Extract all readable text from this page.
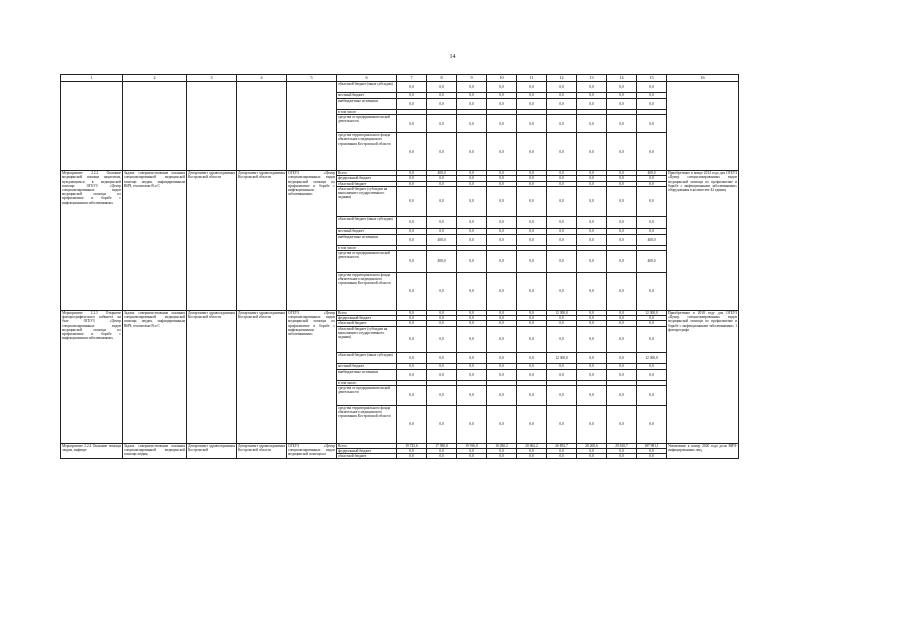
14
1	2	3	4	5	6	7	8	9	10	11	12	13	14	15	16
					областной бюджет (иные субсидии)	0,0	0,0	0,0	0,0	0,0	0,0	0,0	0,0	0,0	
					местный бюджет	0,0	0,0	0,0	0,0	0,0	0,0	0,0	0,0	0,0	
					внебюджетные источники	0,0	0,0	0,0	0,0	0,0	0,0	0,0	0,0	0,0	
					в том числе:										
					средства от предпринимательской деятельности	0,0	0,0	0,0	0,0	0,0	0,0	0,0	0,0	0,0	
					средства территориального фонда обязательного медицинского страхования Костромской области	0,0	0,0	0,0	0,0	0,0	0,0	0,0	0,0	0,0	
Мероприятие 2.2.2 Оказание медицинской помощи пациентам, нуждающимся в медицинской помощи ОГБУЗ «Центр специализированных видов медицинской помощи по профилактике и борьбе с инфекционными заболеваниями»	Задача: совершенствование оказания специализированной медицинской помощи людям, инфицированным ВИЧ, гепатитами В и С	Департамент здравоохранения Костромской области	Департамент здравоохранения Костромской области	ОГБУЗ «Центр специализированных видов медицинской помощи по профилактике и борьбе с инфекционными заболеваниями»	Всего	0,0	400,0	0,0	0,0	0,0	0,0	0,0	0,0	400,0	Приобретение в конце 2014 года для ОГБУЗ «Центр специализированных видов медицинской помощи по профилактике и борьбе с инфекционными заболеваниями» оборудования в количестве 42 единиц
					федеральный бюджет	0,0	0,0	0,0	0,0	0,0	0,0	0,0	0,0	0,0	
					областной бюджет	0,0	0,0	0,0	0,0	0,0	0,0	0,0	0,0	0,0	
					областной бюджет (субсидии на выполнение государственного задания)	0,0	0,0	0,0	0,0	0,0	0,0	0,0	0,0	0,0	
					областной бюджет (иные субсидии)	0,0	0,0	0,0	0,0	0,0	0,0	0,0	0,0	0,0	
					местный бюджет	0,0	0,0	0,0	0,0	0,0	0,0	0,0	0,0	0,0	
					внебюджетные источники	0,0	400,0	0,0	0,0	0,0	0,0	0,0	0,0	400,0	
					в том числе:										
					средства от предпринимательской деятельности	0,0	400,0	0,0	0,0	0,0	0,0	0,0	0,0	400,0	
					средства территориального фонда обязательного медицинского страхования Костромской области	0,0	0,0	0,0	0,0	0,0	0,0	0,0	0,0	0,0	
Мероприятие 2.2.3 Открытие флюорографического кабинета на базе ОГБУЗ «Центр специализированных видов медицинской помощи по профилактике и борьбе с инфекционными заболеваниями»	Задача: совершенствование оказания специализированной медицинской помощи людям, инфицированным ВИЧ, гепатитами В и С	Департамент здравоохранения Костромской области	Департамент здравоохранения Костромской области	ОГБУЗ «Центр специализированных видов медицинской помощи по профилактике и борьбе с инфекционными заболеваниями»	Всего	0,0	0,0	0,0	0,0	0,0	12 300,0	0,0	0,0	12 300,0	Приобретение в 2018 году для ОГБУЗ «Центр специализированных видов медицинской помощи по профилактике и борьбе с инфекционными заболеваниями» 1 флюорографа
					федеральный бюджет	0,0	0,0	0,0	0,0	0,0	0,0	0,0	0,0	0,0	
					областной бюджет	0,0	0,0	0,0	0,0	0,0	0,0	0,0	0,0	0,0	
					областной бюджет (субсидии на выполнение государственного задания)	0,0	0,0	0,0	0,0	0,0	0,0	0,0	0,0	0,0	
					областной бюджет (иные субсидии)	0,0	0,0	0,0	0,0	0,0	12 300,0	0,0	0,0	12 300,0	
					местный бюджет	0,0	0,0	0,0	0,0	0,0	0,0	0,0	0,0	0,0	
					внебюджетные источники	0,0	0,0	0,0	0,0	0,0	0,0	0,0	0,0	0,0	
					в том числе:										
					средства от предпринимательской деятельности	0,0	0,0	0,0	0,0	0,0	0,0	0,0	0,0	0,0	
					средства территориального фонда обязательного медицинского страхования Костромской области	0,0	0,0	0,0	0,0	0,0	0,0	0,0	0,0	0,0	
Мероприятие 2.2.4 Оказание помощи людям, инфици-	Задача: совершенствование оказания специализированной медицинской помощи людям,	Департамент здравоохранения Костромской	Департамент здравоохранения Костромской области	ОГБУЗ «Центр специализированных видов медицинской помощи по	Всего	19 725,6	17 580,0	19 916,0	16 030,2	20 062,2	26 853,7	28 200,6	29 610,7	187 981,1	Увеличение к концу 2020 года доли ВИЧ-инфицированных лиц,
					федеральный бюджет	0,0	0,0	0,0	0,0	0,0	0,0	0,0	0,0	0,0	
					областной бюджет	0,0	0,0	0,0	0,0	0,0	0,0	0,0	0,0	0,0	
